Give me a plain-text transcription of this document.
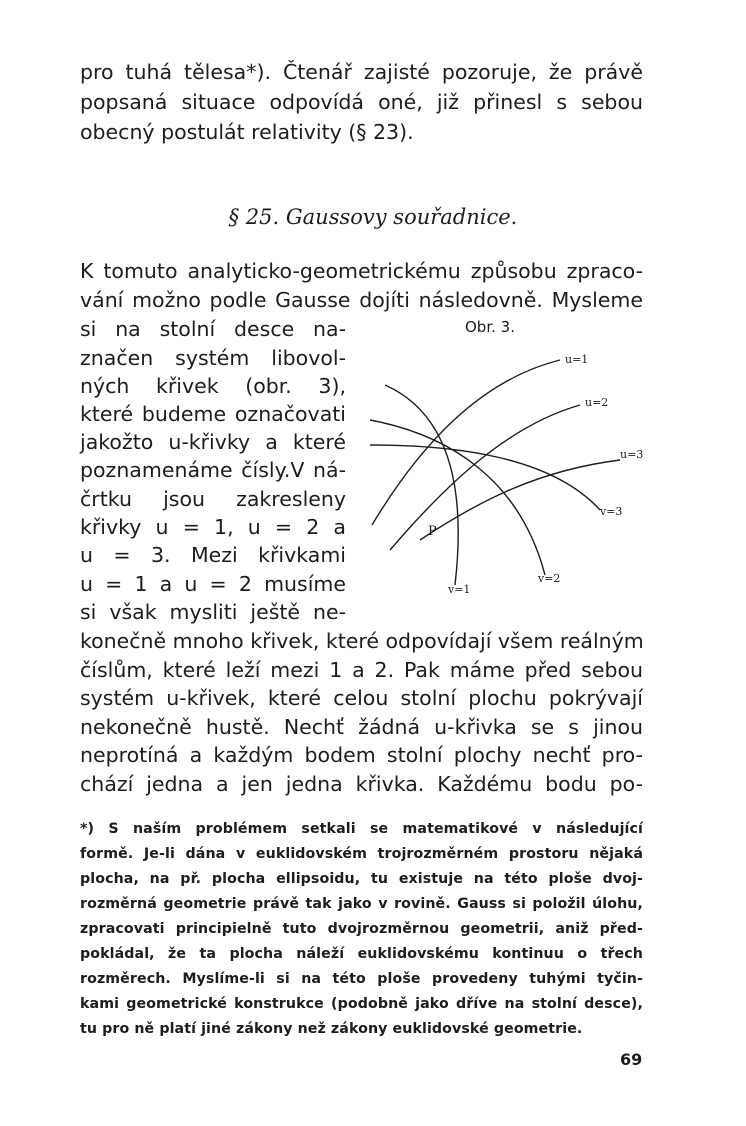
pro tuhá tělesa*). Čtenář zajisté pozoruje, že právě
popsaná situace odpovídá oné, již přinesl s sebou
obecný postulát relativity (§ 23).
§ 25. Gaussovy souřadnice.
K tomuto analyticko-geometrickému způsobu zpraco-
vání možno podle Gausse dojíti následovně. Mysleme
si na stolní desce na-
značen systém libovol-
ných křivek (obr. 3),
které budeme označovati
jakožto u-křivky a které
poznamenáme čísly.V ná-
črtku jsou zakresleny
křivky u = 1, u = 2 a
u = 3. Mezi křivkami
u = 1 a u = 2 musíme
si však mysliti ještě ne-
konečně mnoho křivek, které odpovídají všem reálným
číslům, které leží mezi 1 a 2. Pak máme před sebou
systém u-křivek, které celou stolní plochu pokrývají
nekonečně hustě. Nechť žádná u-křivka se s jinou
neprotíná a každým bodem stolní plochy nechť pro-
chází jedna a jen jedna křivka. Každému bodu po-
Obr. 3.
u=1
u=2
u=3
v=1
v=2
v=3
P
*) S naším problémem setkali se matematikové v následující
formě. Je-li dána v euklidovském trojrozměrném prostoru nějaká
plocha, na př. plocha ellipsoidu, tu existuje na této ploše dvoj-
rozměrná geometrie právě tak jako v rovině. Gauss si položil úlohu,
zpracovati principielně tuto dvojrozměrnou geometrii, aniž před-
pokládal, že ta plocha náleží euklidovskému kontinuu o třech
rozměrech. Myslíme-li si na této ploše provedeny tuhými tyčin-
kami geometrické konstrukce (podobně jako dříve na stolní desce),
tu pro ně platí jiné zákony než zákony euklidovské geometrie.
69
